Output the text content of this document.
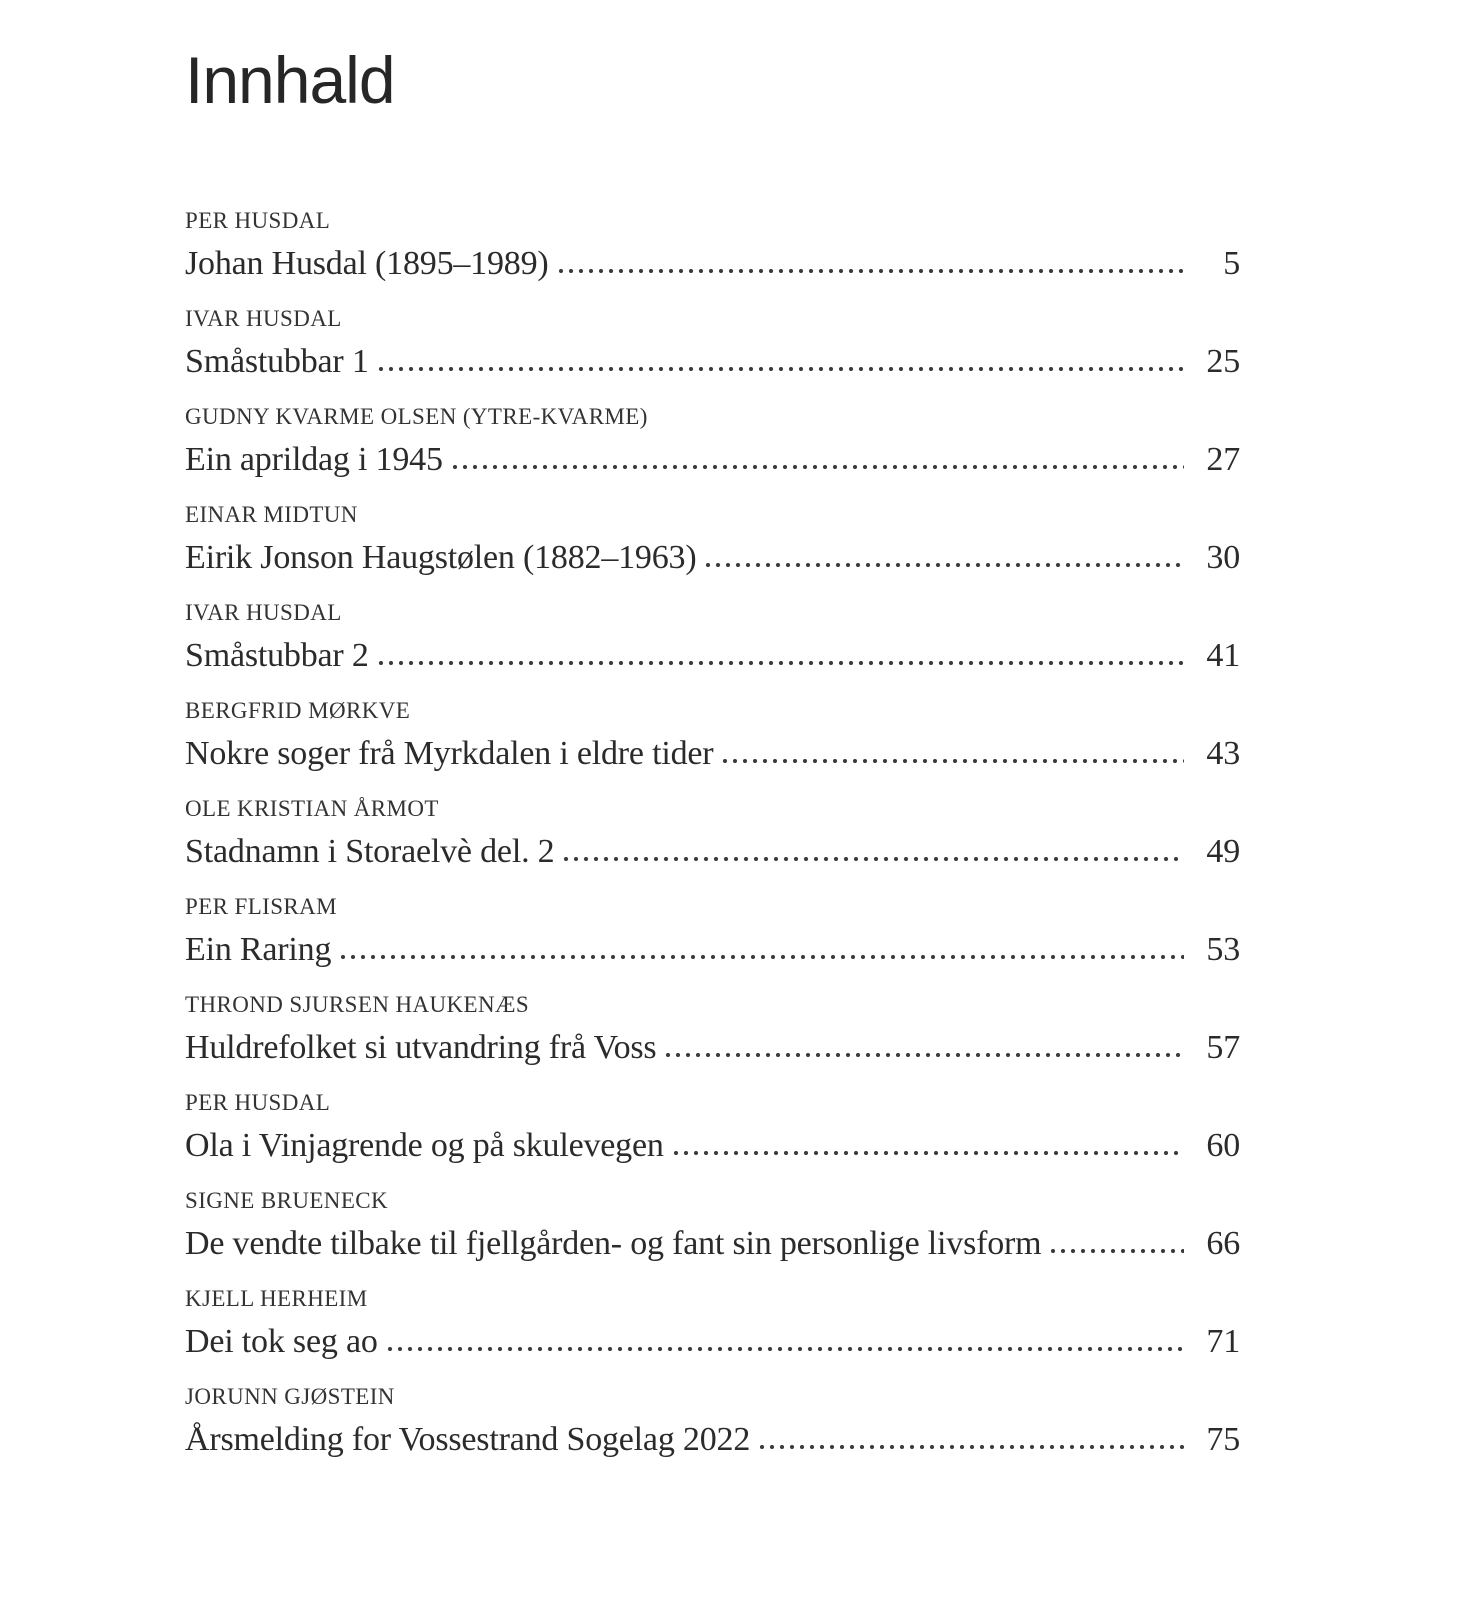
Innhald
PER HUSDAL
Johan Husdal (1895–1989)	5
IVAR HUSDAL
Småstubbar 1	25
GUDNY KVARME OLSEN (YTRE-KVARME)
Ein aprildag i 1945	27
EINAR MIDTUN
Eirik Jonson Haugstølen (1882–1963)	30
IVAR HUSDAL
Småstubbar 2	41
BERGFRID MØRKVE
Nokre soger frå Myrkdalen i eldre tider	43
OLE KRISTIAN ÅRMOT
Stadnamn i Storaelvè del. 2	49
PER FLISRAM
Ein Raring	53
THROND SJURSEN HAUKENÆS
Huldrefolket si utvandring frå Voss	57
PER HUSDAL
Ola i Vinjagrende og på skulevegen	60
SIGNE BRUENECK
De vendte tilbake til fjellgården- og fant sin personlige livsform	66
KJELL HERHEIM
Dei tok seg ao	71
JORUNN GJØSTEIN
Årsmelding for Vossestrand Sogelag 2022	75
